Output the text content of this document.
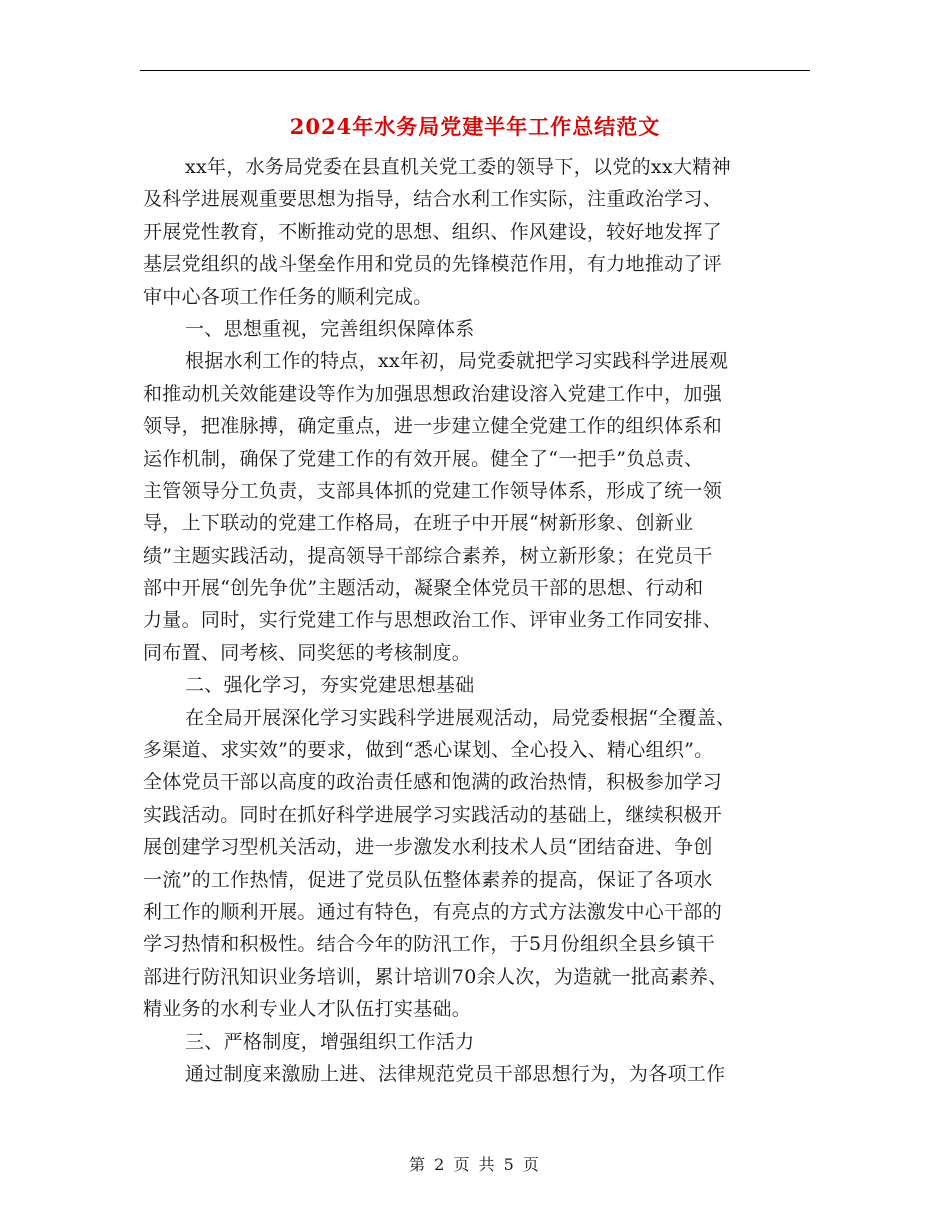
2024年水务局党建半年工作总结范文
xx年，水务局党委在县直机关党工委的领导下，以党的xx大精神
及科学进展观重要思想为指导，结合水利工作实际，注重政治学习、
开展党性教育，不断推动党的思想、组织、作风建设，较好地发挥了
基层党组织的战斗堡垒作用和党员的先锋模范作用，有力地推动了评
审中心各项工作任务的顺利完成。
一、思想重视，完善组织保障体系
根据水利工作的特点，xx年初，局党委就把学习实践科学进展观
和推动机关效能建设等作为加强思想政治建设溶入党建工作中，加强
领导，把准脉搏，确定重点，进一步建立健全党建工作的组织体系和
运作机制，确保了党建工作的有效开展。健全了“一把手”负总责、
主管领导分工负责，支部具体抓的党建工作领导体系，形成了统一领
导，上下联动的党建工作格局，在班子中开展“树新形象、创新业
绩”主题实践活动，提高领导干部综合素养，树立新形象；在党员干
部中开展“创先争优”主题活动，凝聚全体党员干部的思想、行动和
力量。同时，实行党建工作与思想政治工作、评审业务工作同安排、
同布置、同考核、同奖惩的考核制度。
二、强化学习，夯实党建思想基础
在全局开展深化学习实践科学进展观活动，局党委根据“全覆盖、
多渠道、求实效”的要求，做到“悉心谋划、全心投入、精心组织”。
全体党员干部以高度的政治责任感和饱满的政治热情，积极参加学习
实践活动。同时在抓好科学进展学习实践活动的基础上，继续积极开
展创建学习型机关活动，进一步激发水利技术人员“团结奋进、争创
一流”的工作热情，促进了党员队伍整体素养的提高，保证了各项水
利工作的顺利开展。通过有特色，有亮点的方式方法激发中心干部的
学习热情和积极性。结合今年的防汛工作，于5月份组织全县乡镇干
部进行防汛知识业务培训，累计培训70余人次，为造就一批高素养、
精业务的水利专业人才队伍打实基础。
三、严格制度，增强组织工作活力
通过制度来激励上进、法律规范党员干部思想行为，为各项工作
第 2 页 共 5 页
